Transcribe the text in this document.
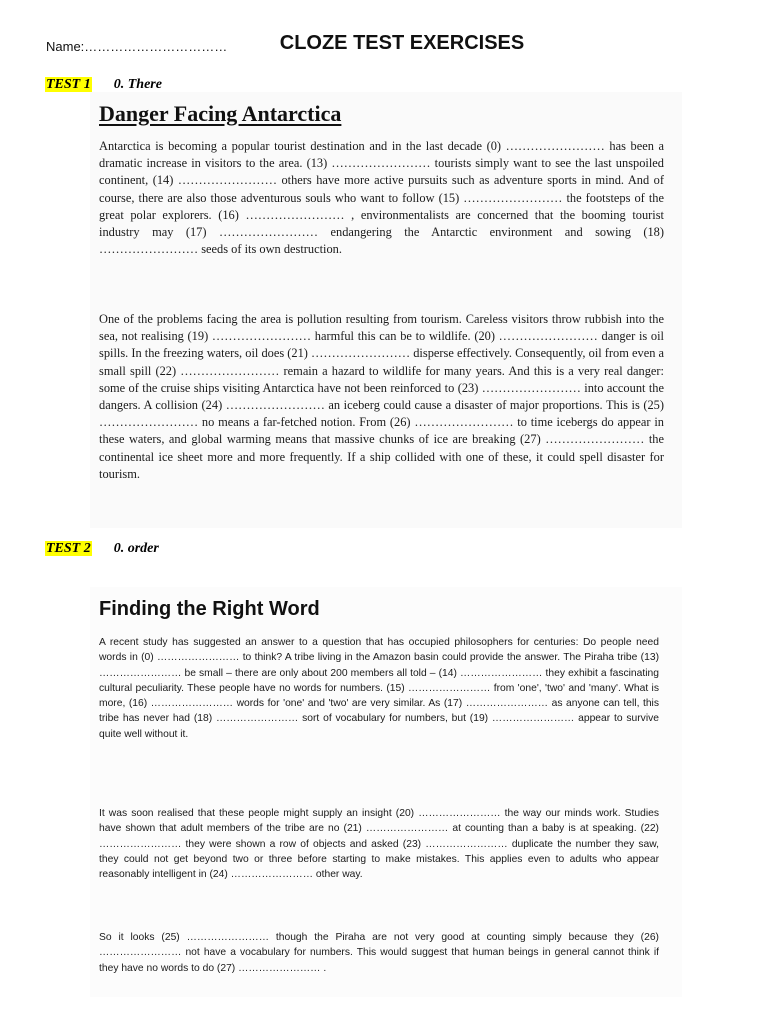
Name:……………………………	CLOZE TEST EXERCISES
TEST 1 0. There
Danger Facing Antarctica

Antarctica is becoming a popular tourist destination and in the last decade (0) …………………… has been a dramatic increase in visitors to the area. (13) …………………… tourists simply want to see the last unspoiled continent, (14) …………………… others have more active pursuits such as adventure sports in mind. And of course, there are also those adventurous souls who want to follow (15) …………………… the footsteps of the great polar explorers. (16) …………………… , environmentalists are concerned that the booming tourist industry may (17) …………………… endangering the Antarctic environment and sowing (18) …………………… seeds of its own destruction.

One of the problems facing the area is pollution resulting from tourism. Careless visitors throw rubbish into the sea, not realising (19) …………………… harmful this can be to wildlife. (20) …………………… danger is oil spills. In the freezing waters, oil does (21) …………………… disperse effectively. Consequently, oil from even a small spill (22) …………………… remain a hazard to wildlife for many years. And this is a very real danger: some of the cruise ships visiting Antarctica have not been reinforced to (23) …………………… into account the dangers. A collision (24) …………………… an iceberg could cause a disaster of major proportions. This is (25) …………………… no means a far-fetched notion. From (26) …………………… to time icebergs do appear in these waters, and global warming means that massive chunks of ice are breaking (27) …………………… the continental ice sheet more and more frequently. If a ship collided with one of these, it could spell disaster for tourism.

TEST 2 0. order
Finding the Right Word

A recent study has suggested an answer to a question that has occupied philosophers for centuries: Do people need words in (0) …………………… to think? A tribe living in the Amazon basin could provide the answer. The Piraha tribe (13) …………………… be small – there are only about 200 members all told – (14) …………………… they exhibit a fascinating cultural peculiarity. These people have no words for numbers. (15) …………………… from 'one', 'two' and 'many'. What is more, (16) …………………… words for 'one' and 'two' are very similar. As (17) …………………… as anyone can tell, this tribe has never had (18) …………………… sort of vocabulary for numbers, but (19) …………………… appear to survive quite well without it.

It was soon realised that these people might supply an insight (20) …………………… the way our minds work. Studies have shown that adult members of the tribe are no (21) …………………… at counting than a baby is at speaking. (22) …………………… they were shown a row of objects and asked (23) …………………… duplicate the number they saw, they could not get beyond two or three before starting to make mistakes. This applies even to adults who appear reasonably intelligent in (24) …………………… other way.

So it looks (25) …………………… though the Piraha are not very good at counting simply because they (26) …………………… not have a vocabulary for numbers. This would suggest that human beings in general cannot think if they have no words to do (27) …………………… .
